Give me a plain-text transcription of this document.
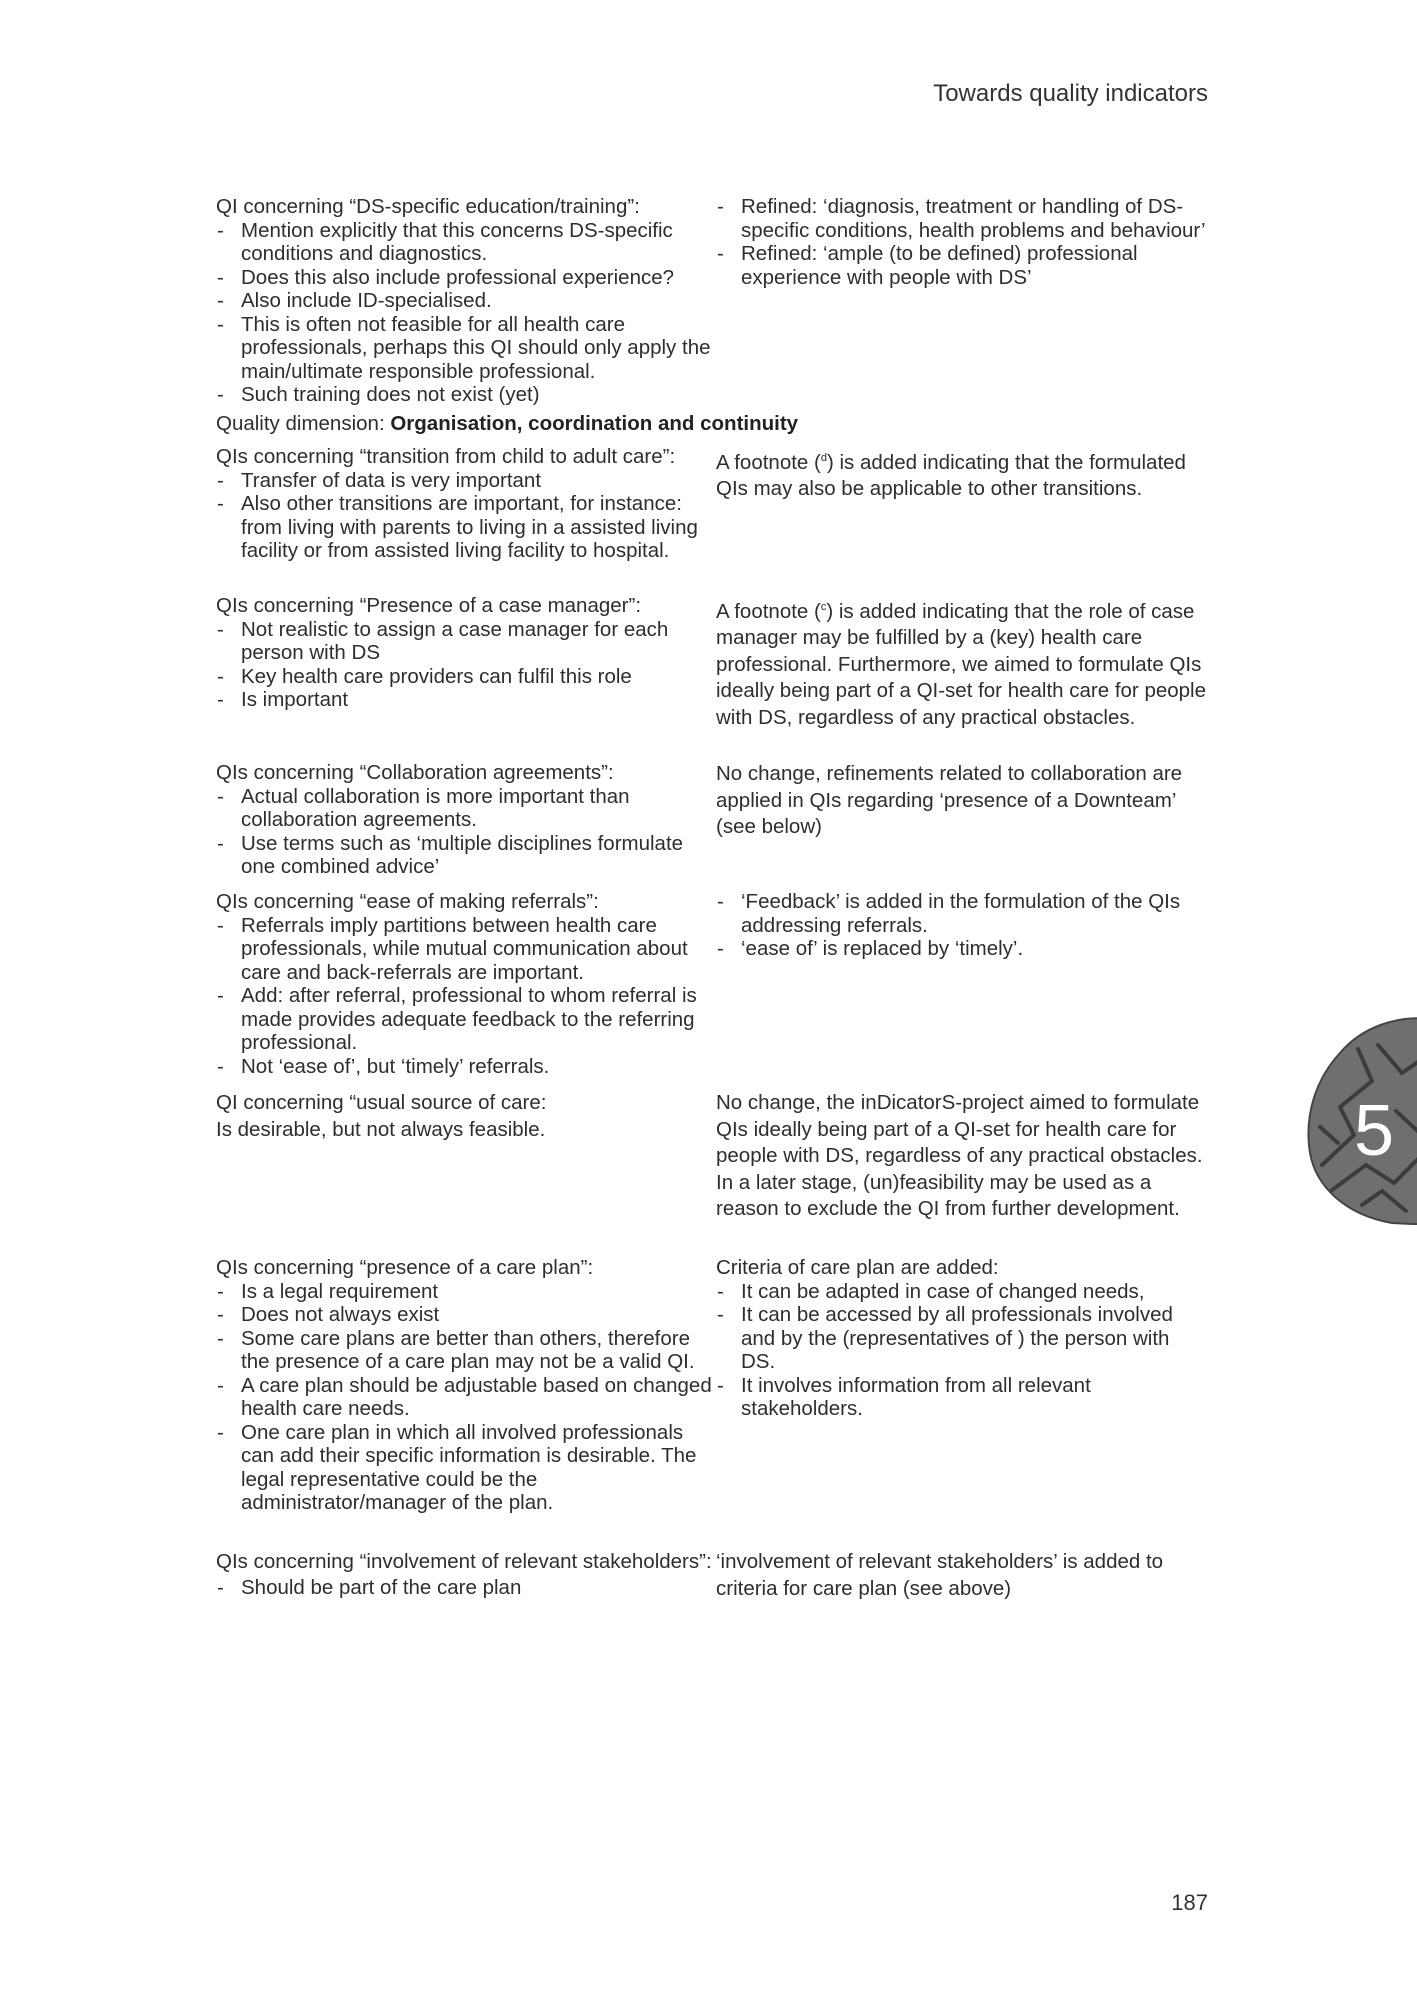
Towards quality indicators

QI concerning “DS-specific education/training”:

- Mention explicitly that this concerns DS-specific conditions and diagnostics.
- Does this also include professional experience?
- Also include ID-specialised.
- This is often not feasible for all health care professionals, perhaps this QI should only apply the main/ultimate responsible professional.
- Such training does not exist (yet)
- Refined: ‘diagnosis, treatment or handling of DS-specific conditions, health problems and behaviour’
- Refined: ‘ample (to be defined) professional experience with people with DS’
Quality dimension: Organisation, coordination and continuity

QIs concerning “transition from child to adult care”:

- Transfer of data is very important
- Also other transitions are important, for instance: from living with parents to living in a assisted living facility or from assisted living facility to hospital.

A footnote ($^d$) is added indicating that the formulated QIs may also be applicable to other transitions.

QIs concerning “Presence of a case manager”:

- Not realistic to assign a case manager for each person with DS
- Key health care providers can fulfil this role
- Is important

A footnote ($^c$) is added indicating that the role of case manager may be fulfilled by a (key) health care professional. Furthermore, we aimed to formulate QIs ideally being part of a QI-set for health care for people with DS, regardless of any practical obstacles.

QIs concerning “Collaboration agreements”:

- Actual collaboration is more important than collaboration agreements.
- Use terms such as ‘multiple disciplines formulate one combined advice’

No change, refinements related to collaboration are applied in QIs regarding ‘presence of a Downteam’ (see below)

QIs concerning “ease of making referrals”:

- Referrals imply partitions between health care professionals, while mutual communication about care and back-referrals are important.
- Add: after referral, professional to whom referral is made provides adequate feedback to the referring professional.
- Not ‘ease of’, but ‘timely’ referrals.
- ‘Feedback’ is added in the formulation of the QIs addressing referrals.
- ‘ease of’ is replaced by ‘timely’.

QI concerning “usual source of care:

Is desirable, but not always feasible.

No change, the inDicatorS-project aimed to formulate QIs ideally being part of a QI-set for health care for people with DS, regardless of any practical obstacles. In a later stage, (un)feasibility may be used as a reason to exclude the QI from further development.

QIs concerning “presence of a care plan”:

- Is a legal requirement
- Does not always exist
- Some care plans are better than others, therefore the presence of a care plan may not be a valid QI.
- A care plan should be adjustable based on changed health care needs.
- One care plan in which all involved professionals can add their specific information is desirable. The legal representative could be the administrator/manager of the plan.

Criteria of care plan are added:

- It can be adapted in case of changed needs,
- It can be accessed by all professionals involved and by the (representatives of ) the person with DS.
- It involves information from all relevant stakeholders.

QIs concerning “involvement of relevant stakeholders”:

- Should be part of the care plan

‘involvement of relevant stakeholders’ is added to criteria for care plan (see above)

5
187
